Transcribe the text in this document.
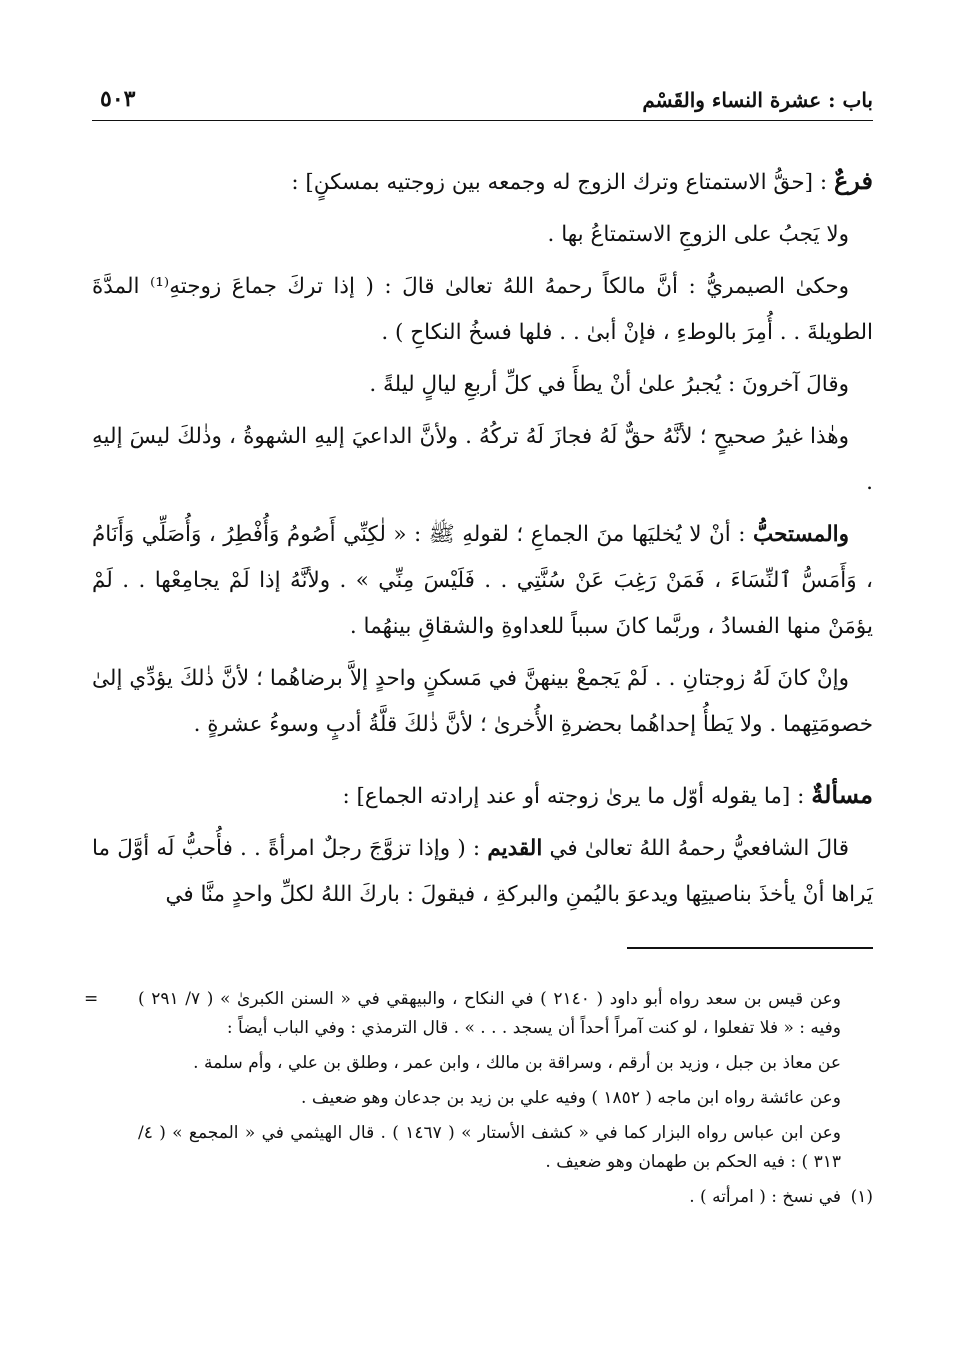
باب : عشرة النساء والقَسْم
٥٠٣

فرعٌ : [حقُّ الاستمتاع وترك الزوج له وجمعه بين زوجتيه بمسكنٍ] :

ولا يَجبُ على الزوجِ الاستمتاعُ بها .

وحكىٰ الصيمريُّ : أنَّ مالكاً رحمهُ اللهُ تعالىٰ قالَ : ( إذا تركَ جماعَ زوجتهِ⁽¹⁾ المدَّةَ الطويلةَ . . أُمِرَ بالوطءِ ، فإنْ أبىٰ . . فلها فسخُ النكاحِ ) .

وقالَ آخرونَ : يُجبرُ علىٰ أنْ يطأَ في كلِّ أربعِ ليالٍ ليلةً .

وهٰذا غيرُ صحيحٍ ؛ لأنَّهُ حقٌّ لَهُ فجازَ لَهُ تركُهُ . ولأنَّ الداعيَ إليهِ الشهوةُ ، وذٰلكَ ليسَ إليهِ .

والمستحبُّ : أنْ لا يُخليَها منَ الجماعِ ؛ لقولهِ ﷺ : « لٰكِنِّي أَصُومُ وَأُفْطِرُ ، وَأُصَلِّي وَأَنَامُ ، وَأَمَسُّ ٱلنِّسَاءَ ، فَمَنْ رَغِبَ عَنْ سُنَّتِي . . فَلَيْسَ مِنِّي » . ولأنَّهُ إذا لَمْ يجامِعْها . . لَمْ يؤمَنْ منها الفسادُ ، وربَّما كانَ سبباً للعداوةِ والشقاقِ بينهُما .

وإنْ كانَ لَهُ زوجتانِ . . لَمْ يَجمعْ بينهنَّ في مَسكنٍ واحدٍ إلاَّ برضاهُما ؛ لأنَّ ذٰلكَ يؤدِّي إلىٰ خصومَتِهما . ولا يَطأُ إحداهُما بحضرةِ الأُخرىٰ ؛ لأنَّ ذٰلكَ قلَّةُ أدبٍ وسوءُ عشرةٍ .

مسألةٌ : [ما يقوله أوّل ما يرىٰ زوجته أو عند إرادته الجماع] :

قالَ الشافعيُّ رحمهُ اللهُ تعالىٰ في القديم : ( وإذا تزوَّجَ رجلٌ امرأةً . . فأُحبُّ لَه أوَّلَ ما يَراها أنْ يأخذَ بناصيتِها ويدعوَ باليُمنِ والبركةِ ، فيقولَ : باركَ اللهُ لكلِّ واحدٍ منَّا في

= وعن قيس بن سعد رواه أبو داود ( ٢١٤٠ ) في النكاح ، والبيهقي في « السنن الكبرىٰ » ( ٧/ ٢٩١ ) وفيه : « فلا تفعلوا ، لو كنت آمراً أحداً أن يسجد . . . » . قال الترمذي : وفي الباب أيضاً :

عن معاذ بن جبل ، وزيد بن أرقم ، وسراقة بن مالك ، وابن عمر ، وطلق بن علي ، وأم سلمة .

وعن عائشة رواه ابن ماجه ( ١٨٥٢ ) وفيه علي بن زيد بن جدعان وهو ضعيف .

وعن ابن عباس رواه البزار كما في « كشف الأستار » ( ١٤٦٧ ) . قال الهيثمي في « المجمع » ( ٤/ ٣١٣ ) : فيه الحكم بن طهمان وهو ضعيف .

(١)
في نسخ : ( امرأته ) .
